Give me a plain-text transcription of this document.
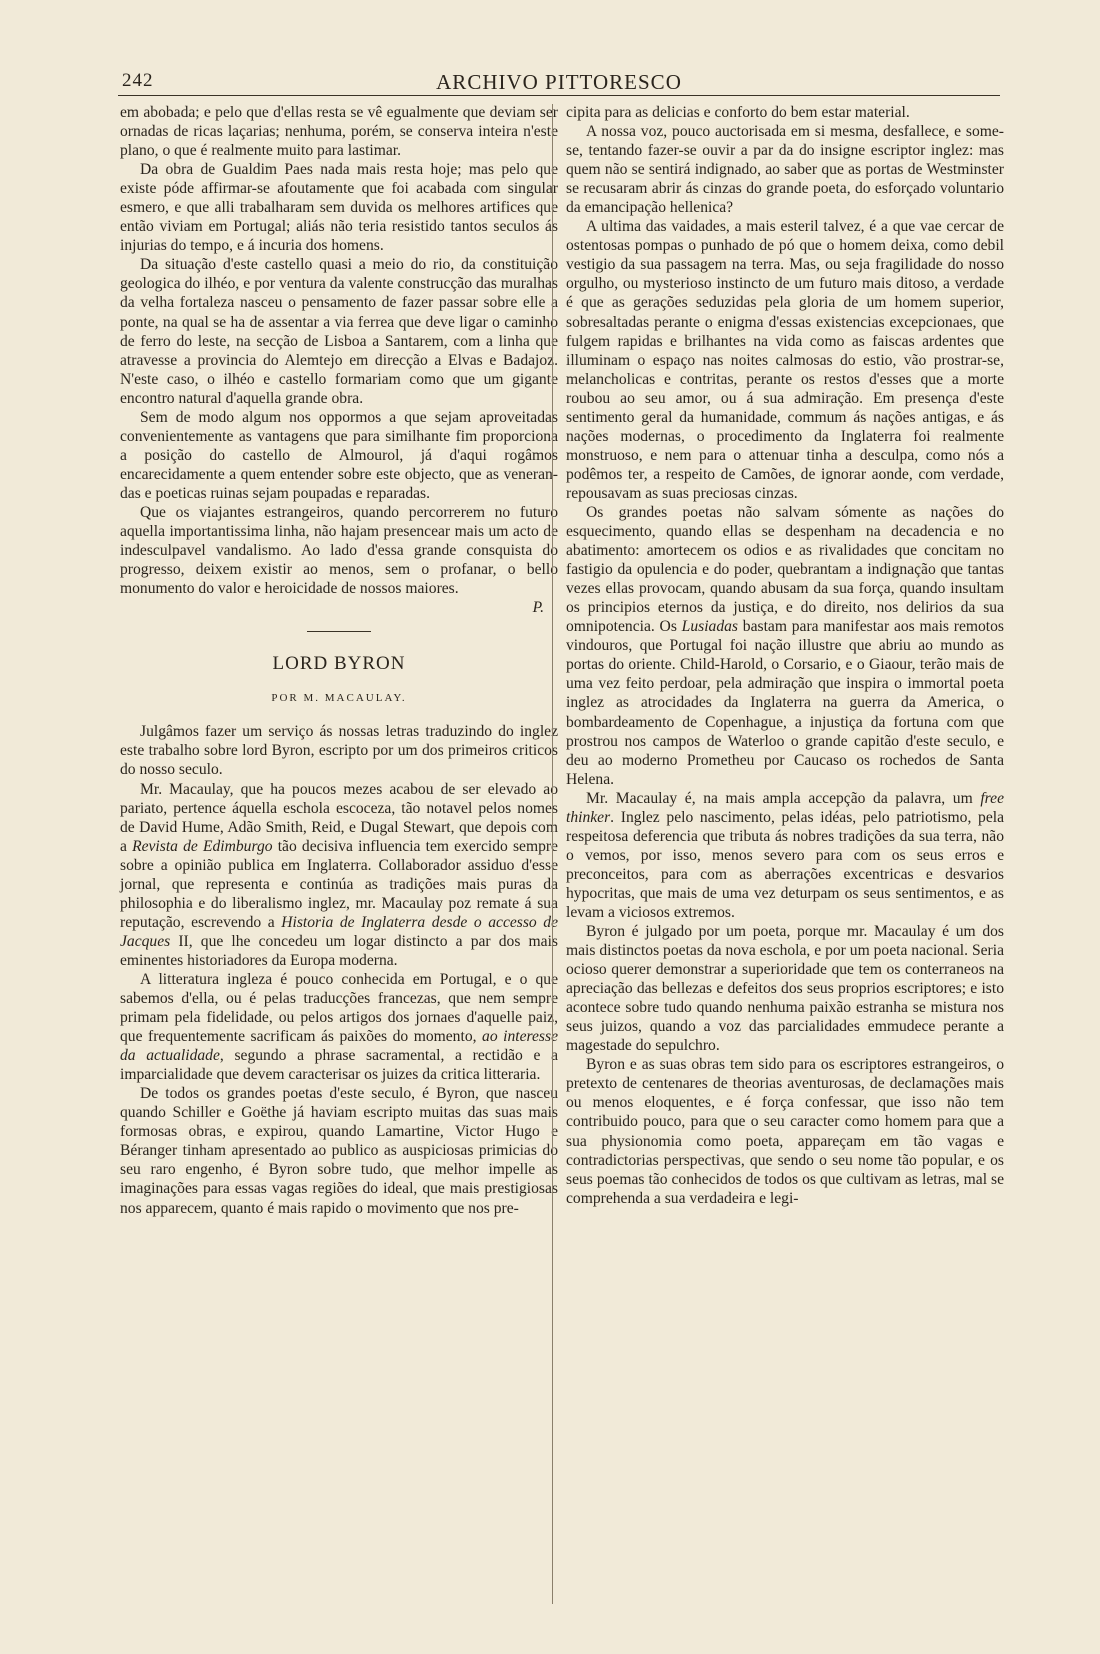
242	ARCHIVO PITTORESCO

em abobada; e pelo que d'ellas resta se vê egualmente que deviam ser ornadas de ricas laçarias; nenhuma, porém, se conserva inteira n'este plano, o que é realmente muito para lastimar.

Da obra de Gualdim Paes nada mais resta hoje; mas pelo que existe póde affirmar-se afoutamente que foi acabada com singular esmero, e que alli trabalharam sem duvida os melhores artifices que então viviam em Portugal; aliás não teria resistido tantos seculos ás injurias do tempo, e á incuria dos homens.

Da situação d'este castello quasi a meio do rio, da constituição geologica do ilhéo, e por ventura da valente construcção das muralhas da velha fortaleza nasceu o pensamento de fazer passar sobre elle a ponte, na qual se ha de assentar a via ferrea que deve ligar o caminho de ferro do leste, na secção de Lisboa a Santarem, com a linha que atravesse a provincia do Alemtejo em direcção a Elvas e Badajoz. N'este caso, o ilhéo e castello formariam como que um gigante encontro natural d'aquella grande obra.

Sem de modo algum nos oppormos a que sejam aproveitadas convenientemente as vantagens que para similhante fim proporciona a posição do castello de Almourol, já d'aqui rogâmos encarecidamente a quem entender sobre este objecto, que as veneran-das e poeticas ruinas sejam poupadas e reparadas.

Que os viajantes estrangeiros, quando percorrerem no futuro aquella importantissima linha, não hajam presencear mais um acto de indesculpavel vandalismo. Ao lado d'essa grande consquista do progresso, deixem existir ao menos, sem o profanar, o bello monumento do valor e heroicidade de nossos maiores.

P.

LORD BYRON
POR M. MACAULAY.

Julgâmos fazer um serviço ás nossas letras traduzindo do inglez este trabalho sobre lord Byron, escripto por um dos primeiros criticos do nosso seculo.

Mr. Macaulay, que ha poucos mezes acabou de ser elevado ao pariato, pertence áquella eschola escoceza, tão notavel pelos nomes de David Hume, Adão Smith, Reid, e Dugal Stewart, que depois com a Revista de Edimburgo tão decisiva influencia tem exercido sempre sobre a opinião publica em Inglaterra. Collaborador assiduo d'esse jornal, que representa e continúa as tradições mais puras da philosophia e do liberalismo inglez, mr. Macaulay poz remate á sua reputação, escrevendo a Historia de Inglaterra desde o accesso de Jacques II, que lhe concedeu um logar distincto a par dos mais eminentes historiadores da Europa moderna.

A litteratura ingleza é pouco conhecida em Portugal, e o que sabemos d'ella, ou é pelas traducções francezas, que nem sempre primam pela fidelidade, ou pelos artigos dos jornaes d'aquelle paiz, que frequentemente sacrificam ás paixões do momento, ao interesse da actualidade, segundo a phrase sacramental, a rectidão e a imparcialidade que devem caracterisar os juizes da critica litteraria.

De todos os grandes poetas d'este seculo, é Byron, que nasceu quando Schiller e Goëthe já haviam escripto muitas das suas mais formosas obras, e expirou, quando Lamartine, Victor Hugo e Béranger tinham apresentado ao publico as auspiciosas primicias do seu raro engenho, é Byron sobre tudo, que melhor impelle as imaginações para essas vagas regiões do ideal, que mais prestigiosas nos apparecem, quanto é mais rapido o movimento que nos pre-

cipita para as delicias e conforto do bem estar material.

A nossa voz, pouco auctorisada em si mesma, desfallece, e some-se, tentando fazer-se ouvir a par da do insigne escriptor inglez: mas quem não se sentirá indignado, ao saber que as portas de Westminster se recusaram abrir ás cinzas do grande poeta, do esforçado voluntario da emancipação hellenica?

A ultima das vaidades, a mais esteril talvez, é a que vae cercar de ostentosas pompas o punhado de pó que o homem deixa, como debil vestigio da sua passagem na terra. Mas, ou seja fragilidade do nosso orgulho, ou mysterioso instincto de um futuro mais ditoso, a verdade é que as gerações seduzidas pela gloria de um homem superior, sobresaltadas perante o enigma d'essas existencias excepcionaes, que fulgem rapidas e brilhantes na vida como as faiscas ardentes que illuminam o espaço nas noites calmosas do estio, vão prostrar-se, melancholicas e contritas, perante os restos d'esses que a morte roubou ao seu amor, ou á sua admiração. Em presença d'este sentimento geral da humanidade, commum ás nações antigas, e ás nações modernas, o procedimento da Inglaterra foi realmente monstruoso, e nem para o attenuar tinha a desculpa, como nós a podêmos ter, a respeito de Camões, de ignorar aonde, com verdade, repousavam as suas preciosas cinzas.

Os grandes poetas não salvam sómente as nações do esquecimento, quando ellas se despenham na decadencia e no abatimento: amortecem os odios e as rivalidades que concitam no fastigio da opulencia e do poder, quebrantam a indignação que tantas vezes ellas provocam, quando abusam da sua força, quando insultam os principios eternos da justiça, e do direito, nos delirios da sua omnipotencia. Os Lusiadas bastam para manifestar aos mais remotos vindouros, que Portugal foi nação illustre que abriu ao mundo as portas do oriente. Child-Harold, o Corsario, e o Giaour, terão mais de uma vez feito perdoar, pela admiração que inspira o immortal poeta inglez as atrocidades da Inglaterra na guerra da America, o bombardeamento de Copenhague, a injustiça da fortuna com que prostrou nos campos de Waterloo o grande capitão d'este seculo, e deu ao moderno Prometheu por Caucaso os rochedos de Santa Helena.

Mr. Macaulay é, na mais ampla accepção da palavra, um free thinker. Inglez pelo nascimento, pelas idéas, pelo patriotismo, pela respeitosa deferencia que tributa ás nobres tradições da sua terra, não o vemos, por isso, menos severo para com os seus erros e preconceitos, para com as aberrações excentricas e desvarios hypocritas, que mais de uma vez deturpam os seus sentimentos, e as levam a viciosos extremos.

Byron é julgado por um poeta, porque mr. Macaulay é um dos mais distinctos poetas da nova eschola, e por um poeta nacional. Seria ocioso querer demonstrar a superioridade que tem os conterraneos na apreciação das bellezas e defeitos dos seus proprios escriptores; e isto acontece sobre tudo quando nenhuma paixão estranha se mistura nos seus juizos, quando a voz das parcialidades emmudece perante a magestade do sepulchro.

Byron e as suas obras tem sido para os escriptores estrangeiros, o pretexto de centenares de theorias aventurosas, de declamações mais ou menos eloquentes, e é força confessar, que isso não tem contribuido pouco, para que o seu caracter como homem para que a sua physionomia como poeta, appareçam em tão vagas e contradictorias perspectivas, que sendo o seu nome tão popular, e os seus poemas tão conhecidos de todos os que cultivam as letras, mal se comprehenda a sua verdadeira e legi-
